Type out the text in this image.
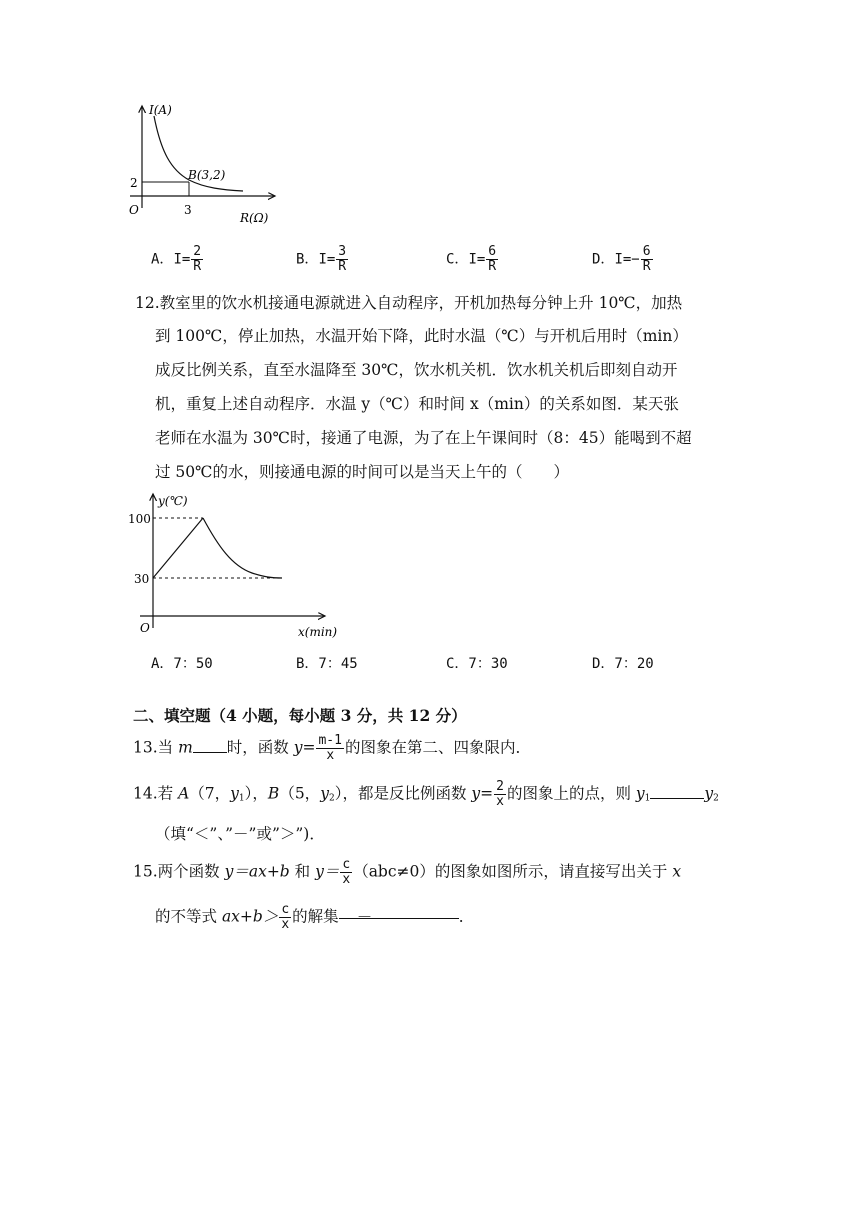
I(A)
R(Ω)
O
2
3
B(3,2)
A．$I= \frac{2}{R}$	B．$I= \frac{3}{R}$	C．$I= \frac{6}{R}$	D．$I=- \frac{6}{R}$
12.教室里的饮水机接通电源就进入自动程序，开机加热每分钟上升 10℃，加热
到 100℃，停止加热，水温开始下降，此时水温（℃）与开机后用时（min）
成反比例关系，直至水温降至 30℃，饮水机关机．饮水机关机后即刻自动开
机，重复上述自动程序．水温 y（℃）和时间 x（min）的关系如图．某天张
老师在水温为 30℃时，接通了电源，为了在上午课间时（8：45）能喝到不超
过 50℃的水，则接通电源的时间可以是当天上午的（　　）
y(℃)
x(min)
O
100
30
A．7：50	B．7：45	C．7：30	D．7：20
二、填空题（4 小题，每小题 3 分，共 12 分）
13.当 m 时，函数 $y= \frac{m-1}{x}$ 的图象在第二、四象限内．
14.若 A（7，$y_1$），B（5，$y_2$），都是反比例函数 $y= \frac{2}{x}$ 的图象上的点，则 $y_1$	$y_2$
（填“＜”、”－”或”＞”)．
15.两个函数 y＝ax+b 和 $y= \frac{c}{x} (abc\ne 0)$的图象如图所示，请直接写出关于 x
的不等式 $ax+b> \frac{c}{x}$ 的解集 －	．
